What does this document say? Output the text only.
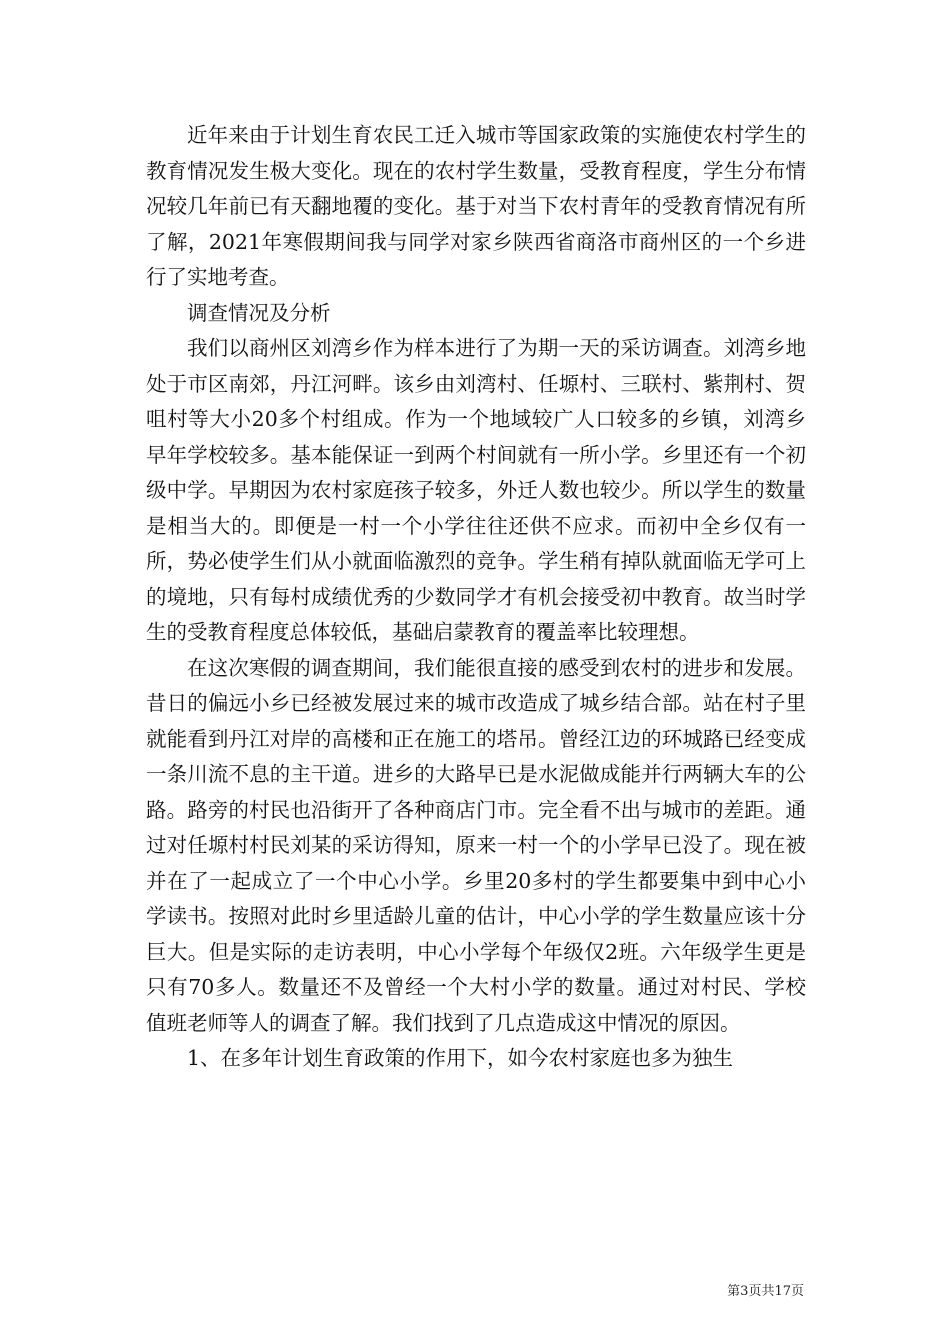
近年来由于计划生育农民工迁入城市等国家政策的实施使农村学生的教育情况发生极大变化。现在的农村学生数量，受教育程度，学生分布情况较几年前已有天翻地覆的变化。基于对当下农村青年的受教育情况有所了解，2021年寒假期间我与同学对家乡陕西省商洛市商州区的一个乡进行了实地考查。

调查情况及分析

我们以商州区刘湾乡作为样本进行了为期一天的采访调查。刘湾乡地处于市区南郊，丹江河畔。该乡由刘湾村、任塬村、三联村、紫荆村、贺咀村等大小20多个村组成。作为一个地域较广人口较多的乡镇，刘湾乡早年学校较多。基本能保证一到两个村间就有一所小学。乡里还有一个初级中学。早期因为农村家庭孩子较多，外迁人数也较少。所以学生的数量是相当大的。即便是一村一个小学往往还供不应求。而初中全乡仅有一所，势必使学生们从小就面临激烈的竞争。学生稍有掉队就面临无学可上的境地，只有每村成绩优秀的少数同学才有机会接受初中教育。故当时学生的受教育程度总体较低，基础启蒙教育的覆盖率比较理想。

在这次寒假的调查期间，我们能很直接的感受到农村的进步和发展。昔日的偏远小乡已经被发展过来的城市改造成了城乡结合部。站在村子里就能看到丹江对岸的高楼和正在施工的塔吊。曾经江边的环城路已经变成一条川流不息的主干道。进乡的大路早已是水泥做成能并行两辆大车的公路。路旁的村民也沿街开了各种商店门市。完全看不出与城市的差距。通过对任塬村村民刘某的采访得知，原来一村一个的小学早已没了。现在被并在了一起成立了一个中心小学。乡里20多村的学生都要集中到中心小学读书。按照对此时乡里适龄儿童的估计，中心小学的学生数量应该十分巨大。但是实际的走访表明，中心小学每个年级仅2班。六年级学生更是只有70多人。数量还不及曾经一个大村小学的数量。通过对村民、学校值班老师等人的调查了解。我们找到了几点造成这中情况的原因。

1、在多年计划生育政策的作用下，如今农村家庭也多为独生

第3页共17页
